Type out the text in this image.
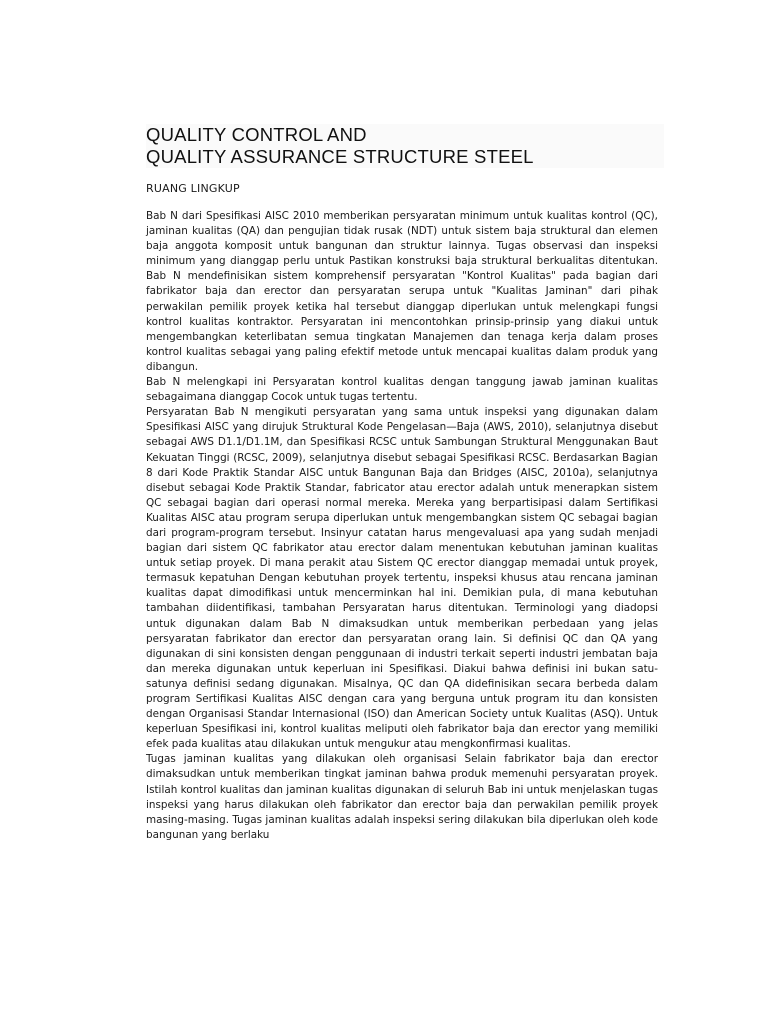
QUALITY CONTROL AND
QUALITY ASSURANCE STRUCTURE STEEL
RUANG LINGKUP

Bab N dari Spesifikasi AISC 2010 memberikan persyaratan minimum untuk kualitas kontrol (QC), jaminan kualitas (QA) dan pengujian tidak rusak (NDT) untuk sistem baja struktural dan elemen baja anggota komposit untuk bangunan dan struktur lainnya. Tugas observasi dan inspeksi minimum yang dianggap perlu untuk Pastikan konstruksi baja struktural berkualitas ditentukan. Bab N mendefinisikan sistem komprehensif persyaratan "Kontrol Kualitas" pada bagian dari fabrikator baja dan erector dan persyaratan serupa untuk "Kualitas Jaminan" dari pihak perwakilan pemilik proyek ketika hal tersebut dianggap diperlukan untuk melengkapi fungsi kontrol kualitas kontraktor. Persyaratan ini mencontohkan prinsip-prinsip yang diakui untuk mengembangkan keterlibatan semua tingkatan Manajemen dan tenaga kerja dalam proses kontrol kualitas sebagai yang paling efektif metode untuk mencapai kualitas dalam produk yang dibangun.

Bab N melengkapi ini Persyaratan kontrol kualitas dengan tanggung jawab jaminan kualitas sebagaimana dianggap Cocok untuk tugas tertentu.

Persyaratan Bab N mengikuti persyaratan yang sama untuk inspeksi yang digunakan dalam Spesifikasi AISC yang dirujuk Struktural Kode Pengelasan—Baja (AWS, 2010), selanjutnya disebut sebagai AWS D1.1/D1.1M, dan Spesifikasi RCSC untuk Sambungan Struktural Menggunakan Baut Kekuatan Tinggi (RCSC, 2009), selanjutnya disebut sebagai Spesifikasi RCSC. Berdasarkan Bagian 8 dari Kode Praktik Standar AISC untuk Bangunan Baja dan Bridges (AISC, 2010a), selanjutnya disebut sebagai Kode Praktik Standar, fabricator atau erector adalah untuk menerapkan sistem QC sebagai bagian dari operasi normal mereka. Mereka yang berpartisipasi dalam Sertifikasi Kualitas AISC atau program serupa diperlukan untuk mengembangkan sistem QC sebagai bagian dari program-program tersebut. Insinyur catatan harus mengevaluasi apa yang sudah menjadi bagian dari sistem QC fabrikator atau erector dalam menentukan kebutuhan jaminan kualitas untuk setiap proyek. Di mana perakit atau Sistem QC erector dianggap memadai untuk proyek, termasuk kepatuhan Dengan kebutuhan proyek tertentu, inspeksi khusus atau rencana jaminan kualitas dapat dimodifikasi untuk mencerminkan hal ini. Demikian pula, di mana kebutuhan tambahan diidentifikasi, tambahan Persyaratan harus ditentukan. Terminologi yang diadopsi untuk digunakan dalam Bab N dimaksudkan untuk memberikan perbedaan yang jelas persyaratan fabrikator dan erector dan persyaratan orang lain. Si definisi QC dan QA yang digunakan di sini konsisten dengan penggunaan di industri terkait seperti industri jembatan baja dan mereka digunakan untuk keperluan ini Spesifikasi. Diakui bahwa definisi ini bukan satu-satunya definisi sedang digunakan. Misalnya, QC dan QA didefinisikan secara berbeda dalam program Sertifikasi Kualitas AISC dengan cara yang berguna untuk program itu dan konsisten dengan Organisasi Standar Internasional (ISO) dan American Society untuk Kualitas (ASQ). Untuk keperluan Spesifikasi ini, kontrol kualitas meliputi oleh fabrikator baja dan erector yang memiliki efek pada kualitas atau dilakukan untuk mengukur atau mengkonfirmasi kualitas.

Tugas jaminan kualitas yang dilakukan oleh organisasi Selain fabrikator baja dan erector dimaksudkan untuk memberikan tingkat jaminan bahwa produk memenuhi persyaratan proyek. Istilah kontrol kualitas dan jaminan kualitas digunakan di seluruh Bab ini untuk menjelaskan tugas inspeksi yang harus dilakukan oleh fabrikator dan erector baja dan perwakilan pemilik proyek masing-masing. Tugas jaminan kualitas adalah inspeksi sering dilakukan bila diperlukan oleh kode bangunan yang berlaku
